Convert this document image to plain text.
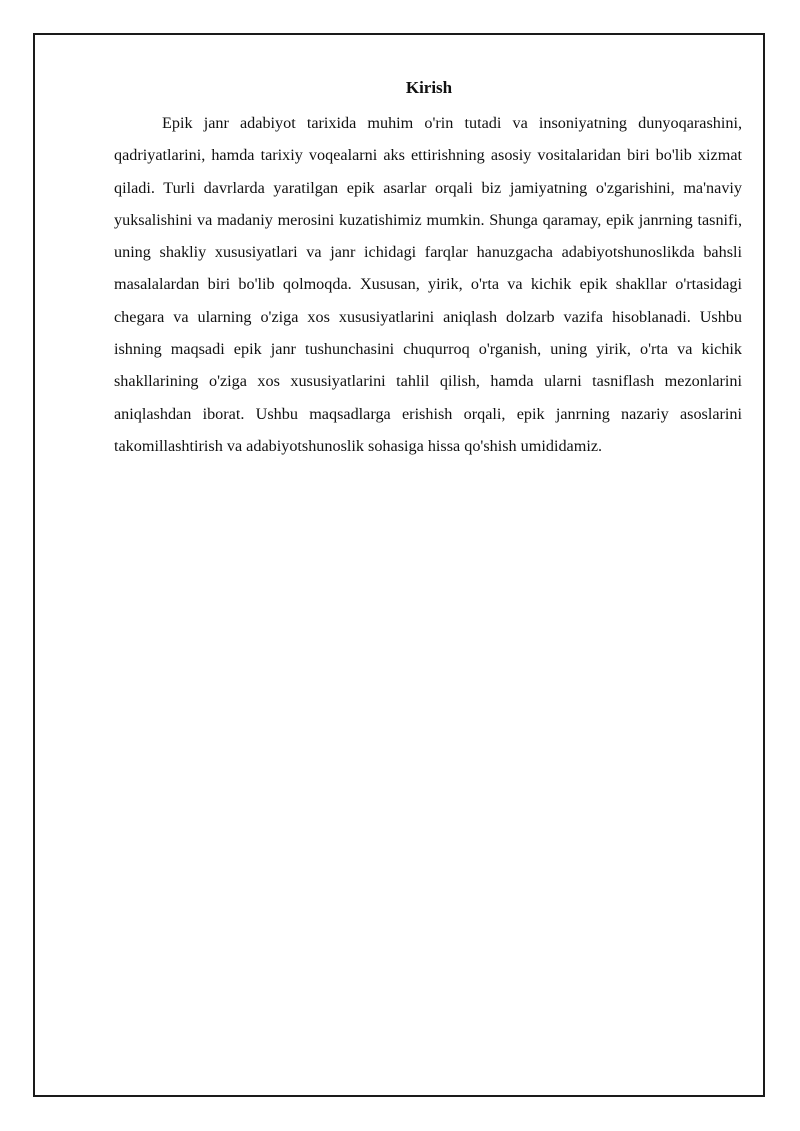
Kirish

Epik janr adabiyot tarixida muhim o'rin tutadi va insoniyatning dunyoqarashini, qadriyatlarini, hamda tarixiy voqealarni aks ettirishning asosiy vositalaridan biri bo'lib xizmat qiladi. Turli davrlarda yaratilgan epik asarlar orqali biz jamiyatning o'zgarishini, ma'naviy yuksalishini va madaniy merosini kuzatishimiz mumkin. Shunga qaramay, epik janrning tasnifi, uning shakliy xususiyatlari va janr ichidagi farqlar hanuzgacha adabiyotshunoslikda bahsli masalalardan biri bo'lib qolmoqda. Xususan, yirik, o'rta va kichik epik shakllar o'rtasidagi chegara va ularning o'ziga xos xususiyatlarini aniqlash dolzarb vazifa hisoblanadi. Ushbu ishning maqsadi epik janr tushunchasini chuqurroq o'rganish, uning yirik, o'rta va kichik shakllarining o'ziga xos xususiyatlarini tahlil qilish, hamda ularni tasniflash mezonlarini aniqlashdan iborat. Ushbu maqsadlarga erishish orqali, epik janrning nazariy asoslarini takomillashtirish va adabiyotshunoslik sohasiga hissa qo'shish umididamiz.
